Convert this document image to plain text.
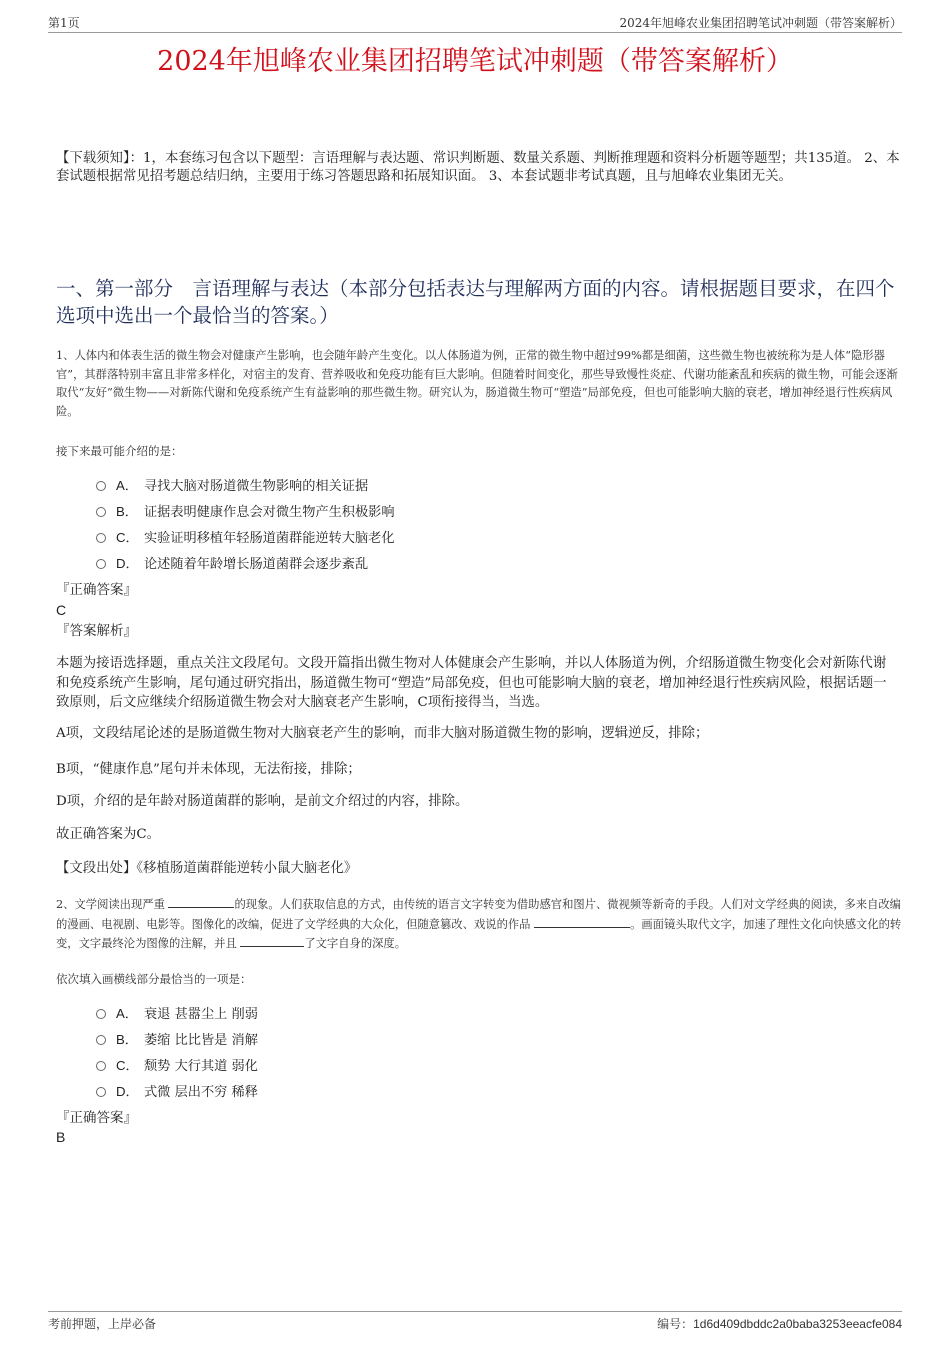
第1页	2024年旭峰农业集团招聘笔试冲刺题（带答案解析）
2024年旭峰农业集团招聘笔试冲刺题（带答案解析）
【下载须知】：1，本套练习包含以下题型：言语理解与表达题、常识判断题、数量关系题、判断推理题和资料分析题等题型；共135道。 2、本套试题根据常见招考题总结归纳，主要用于练习答题思路和拓展知识面。 3、本套试题非考试真题，且与旭峰农业集团无关。
一、第一部分　言语理解与表达（本部分包括表达与理解两方面的内容。请根据题目要求，在四个选项中选出一个最恰当的答案。）
1、人体内和体表生活的微生物会对健康产生影响，也会随年龄产生变化。以人体肠道为例，正常的微生物中超过99%都是细菌，这些微生物也被统称为是人体“隐形器官”，其群落特别丰富且非常多样化，对宿主的发育、营养吸收和免疫功能有巨大影响。但随着时间变化，那些导致慢性炎症、代谢功能紊乱和疾病的微生物，可能会逐渐取代“友好”微生物——对新陈代谢和免疫系统产生有益影响的那些微生物。研究认为，肠道微生物可“塑造”局部免疫，但也可能影响大脑的衰老，增加神经退行性疾病风险。
接下来最可能介绍的是：
A． 寻找大脑对肠道微生物影响的相关证据
B． 证据表明健康作息会对微生物产生积极影响
C． 实验证明移植年轻肠道菌群能逆转大脑老化
D． 论述随着年龄增长肠道菌群会逐步紊乱
『正确答案』
C
『答案解析』
本题为接语选择题，重点关注文段尾句。文段开篇指出微生物对人体健康会产生影响，并以人体肠道为例，介绍肠道微生物变化会对新陈代谢和免疫系统产生影响，尾句通过研究指出，肠道微生物可“塑造”局部免疫，但也可能影响大脑的衰老，增加神经退行性疾病风险，根据话题一致原则，后文应继续介绍肠道微生物会对大脑衰老产生影响，C项衔接得当，当选。
A项，文段结尾论述的是肠道微生物对大脑衰老产生的影响，而非大脑对肠道微生物的影响，逻辑逆反，排除；
B项，“健康作息”尾句并未体现，无法衔接，排除；
D项，介绍的是年龄对肠道菌群的影响，是前文介绍过的内容，排除。
故正确答案为C。
【文段出处】《移植肠道菌群能逆转小鼠大脑老化》
2、文学阅读出现严重	的现象。人们获取信息的方式，由传统的语言文字转变为借助感官和图片、微视频等新奇的手段。人们对文学经典的阅读，多来自改编的漫画、电视剧、电影等。图像化的改编，促进了文学经典的大众化，但随意篡改、戏说的作品	。画面镜头取代文字，加速了理性文化向快感文化的转变，文字最终沦为图像的注解，并且	了文字自身的深度。
依次填入画横线部分最恰当的一项是：
A． 衰退 甚嚣尘上 削弱
B． 萎缩 比比皆是 消解
C． 颓势 大行其道 弱化
D． 式微 层出不穷 稀释
『正确答案』
B
考前押题，上岸必备	编号：1d6d409dbddc2a0baba3253eeacfe084
